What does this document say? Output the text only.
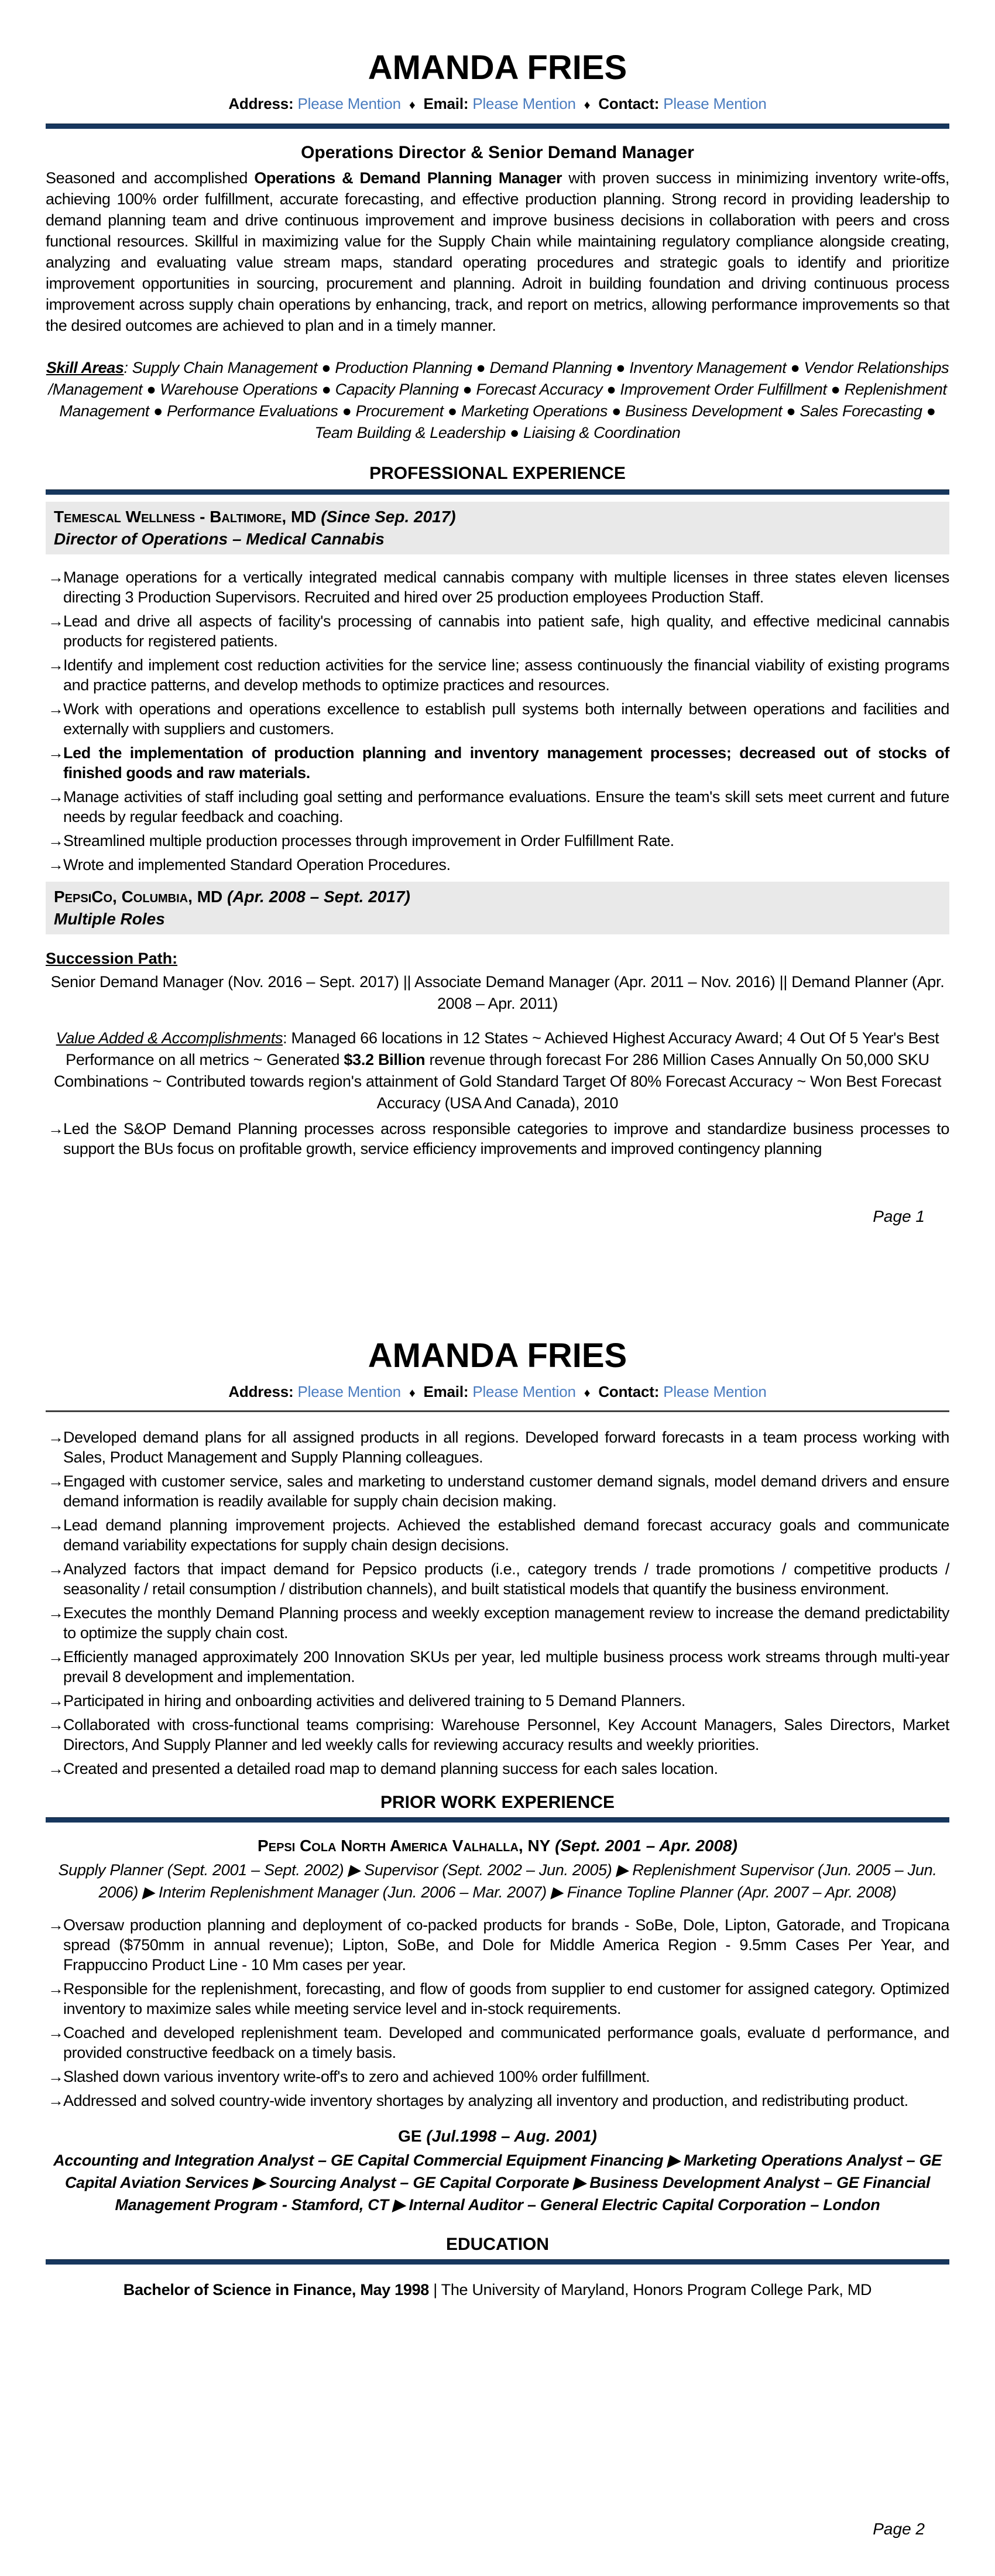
AMANDA FRIES
Address: Please Mention ♦ Email: Please Mention ♦ Contact: Please Mention
Operations Director & Senior Demand Manager
Seasoned and accomplished Operations & Demand Planning Manager with proven success in minimizing inventory write-offs, achieving 100% order fulfillment, accurate forecasting, and effective production planning. Strong record in providing leadership to demand planning team and drive continuous improvement and improve business decisions in collaboration with peers and cross functional resources. Skillful in maximizing value for the Supply Chain while maintaining regulatory compliance alongside creating, analyzing and evaluating value stream maps, standard operating procedures and strategic goals to identify and prioritize improvement opportunities in sourcing, procurement and planning. Adroit in building foundation and driving continuous process improvement across supply chain operations by enhancing, track, and report on metrics, allowing performance improvements so that the desired outcomes are achieved to plan and in a timely manner.
Skill Areas: Supply Chain Management ● Production Planning ● Demand Planning ● Inventory Management ● Vendor Relationships /Management ● Warehouse Operations ● Capacity Planning ● Forecast Accuracy ● Improvement Order Fulfillment ● Replenishment Management ● Performance Evaluations ● Procurement ● Marketing Operations ● Business Development ● Sales Forecasting ● Team Building & Leadership ● Liaising & Coordination
PROFESSIONAL EXPERIENCE
Temescal Wellness - Baltimore, MD (Since Sep. 2017)
Director of Operations – Medical Cannabis
→ Manage operations for a vertically integrated medical cannabis company with multiple licenses in three states eleven licenses directing 3 Production Supervisors. Recruited and hired over 25 production employees Production Staff.
→ Lead and drive all aspects of facility's processing of cannabis into patient safe, high quality, and effective medicinal cannabis products for registered patients.
→ Identify and implement cost reduction activities for the service line; assess continuously the financial viability of existing programs and practice patterns, and develop methods to optimize practices and resources.
→ Work with operations and operations excellence to establish pull systems both internally between operations and facilities and externally with suppliers and customers.
→ Led the implementation of production planning and inventory management processes; decreased out of stocks of finished goods and raw materials.
→ Manage activities of staff including goal setting and performance evaluations. Ensure the team's skill sets meet current and future needs by regular feedback and coaching.
→ Streamlined multiple production processes through improvement in Order Fulfillment Rate.
→ Wrote and implemented Standard Operation Procedures.
PepsiCo, Columbia, MD (Apr. 2008 – Sept. 2017)
Multiple Roles
Succession Path:
Senior Demand Manager (Nov. 2016 – Sept. 2017) || Associate Demand Manager (Apr. 2011 – Nov. 2016) || Demand Planner (Apr. 2008 – Apr. 2011)
Value Added & Accomplishments: Managed 66 locations in 12 States ~ Achieved Highest Accuracy Award; 4 Out Of 5 Year's Best Performance on all metrics ~ Generated $3.2 Billion revenue through forecast For 286 Million Cases Annually On 50,000 SKU Combinations ~ Contributed towards region's attainment of Gold Standard Target Of 80% Forecast Accuracy ~ Won Best Forecast Accuracy (USA And Canada), 2010
→ Led the S&OP Demand Planning processes across responsible categories to improve and standardize business processes to support the BUs focus on profitable growth, service efficiency improvements and improved contingency planning
Page 1
AMANDA FRIES
Address: Please Mention ♦ Email: Please Mention ♦ Contact: Please Mention
→ Developed demand plans for all assigned products in all regions. Developed forward forecasts in a team process working with Sales, Product Management and Supply Planning colleagues.
→ Engaged with customer service, sales and marketing to understand customer demand signals, model demand drivers and ensure demand information is readily available for supply chain decision making.
→ Lead demand planning improvement projects. Achieved the established demand forecast accuracy goals and communicate demand variability expectations for supply chain design decisions.
→ Analyzed factors that impact demand for Pepsico products (i.e., category trends / trade promotions / competitive products / seasonality / retail consumption / distribution channels), and built statistical models that quantify the business environment.
→ Executes the monthly Demand Planning process and weekly exception management review to increase the demand predictability to optimize the supply chain cost.
→ Efficiently managed approximately 200 Innovation SKUs per year, led multiple business process work streams through multi-year prevail 8 development and implementation.
→ Participated in hiring and onboarding activities and delivered training to 5 Demand Planners.
→ Collaborated with cross-functional teams comprising: Warehouse Personnel, Key Account Managers, Sales Directors, Market Directors, And Supply Planner and led weekly calls for reviewing accuracy results and weekly priorities.
→ Created and presented a detailed road map to demand planning success for each sales location.
PRIOR WORK EXPERIENCE
Pepsi Cola North America Valhalla, NY (Sept. 2001 – Apr. 2008)
Supply Planner (Sept. 2001 – Sept. 2002) ▶ Supervisor (Sept. 2002 – Jun. 2005) ▶ Replenishment Supervisor (Jun. 2005 – Jun. 2006) ▶ Interim Replenishment Manager (Jun. 2006 – Mar. 2007) ▶ Finance Topline Planner (Apr. 2007 – Apr. 2008)
→ Oversaw production planning and deployment of co-packed products for brands - SoBe, Dole, Lipton, Gatorade, and Tropicana spread ($750mm in annual revenue); Lipton, SoBe, and Dole for Middle America Region - 9.5mm Cases Per Year, and Frappuccino Product Line - 10 Mm cases per year.
→ Responsible for the replenishment, forecasting, and flow of goods from supplier to end customer for assigned category. Optimized inventory to maximize sales while meeting service level and in-stock requirements.
→ Coached and developed replenishment team. Developed and communicated performance goals, evaluate d performance, and provided constructive feedback on a timely basis.
→ Slashed down various inventory write-off's to zero and achieved 100% order fulfillment.
→ Addressed and solved country-wide inventory shortages by analyzing all inventory and production, and redistributing product.
GE (Jul.1998 – Aug. 2001)
Accounting and Integration Analyst – GE Capital Commercial Equipment Financing ▶ Marketing Operations Analyst – GE Capital Aviation Services ▶ Sourcing Analyst – GE Capital Corporate ▶ Business Development Analyst – GE Financial Management Program - Stamford, CT ▶ Internal Auditor – General Electric Capital Corporation – London
EDUCATION
Bachelor of Science in Finance, May 1998 | The University of Maryland, Honors Program College Park, MD
Page 2
